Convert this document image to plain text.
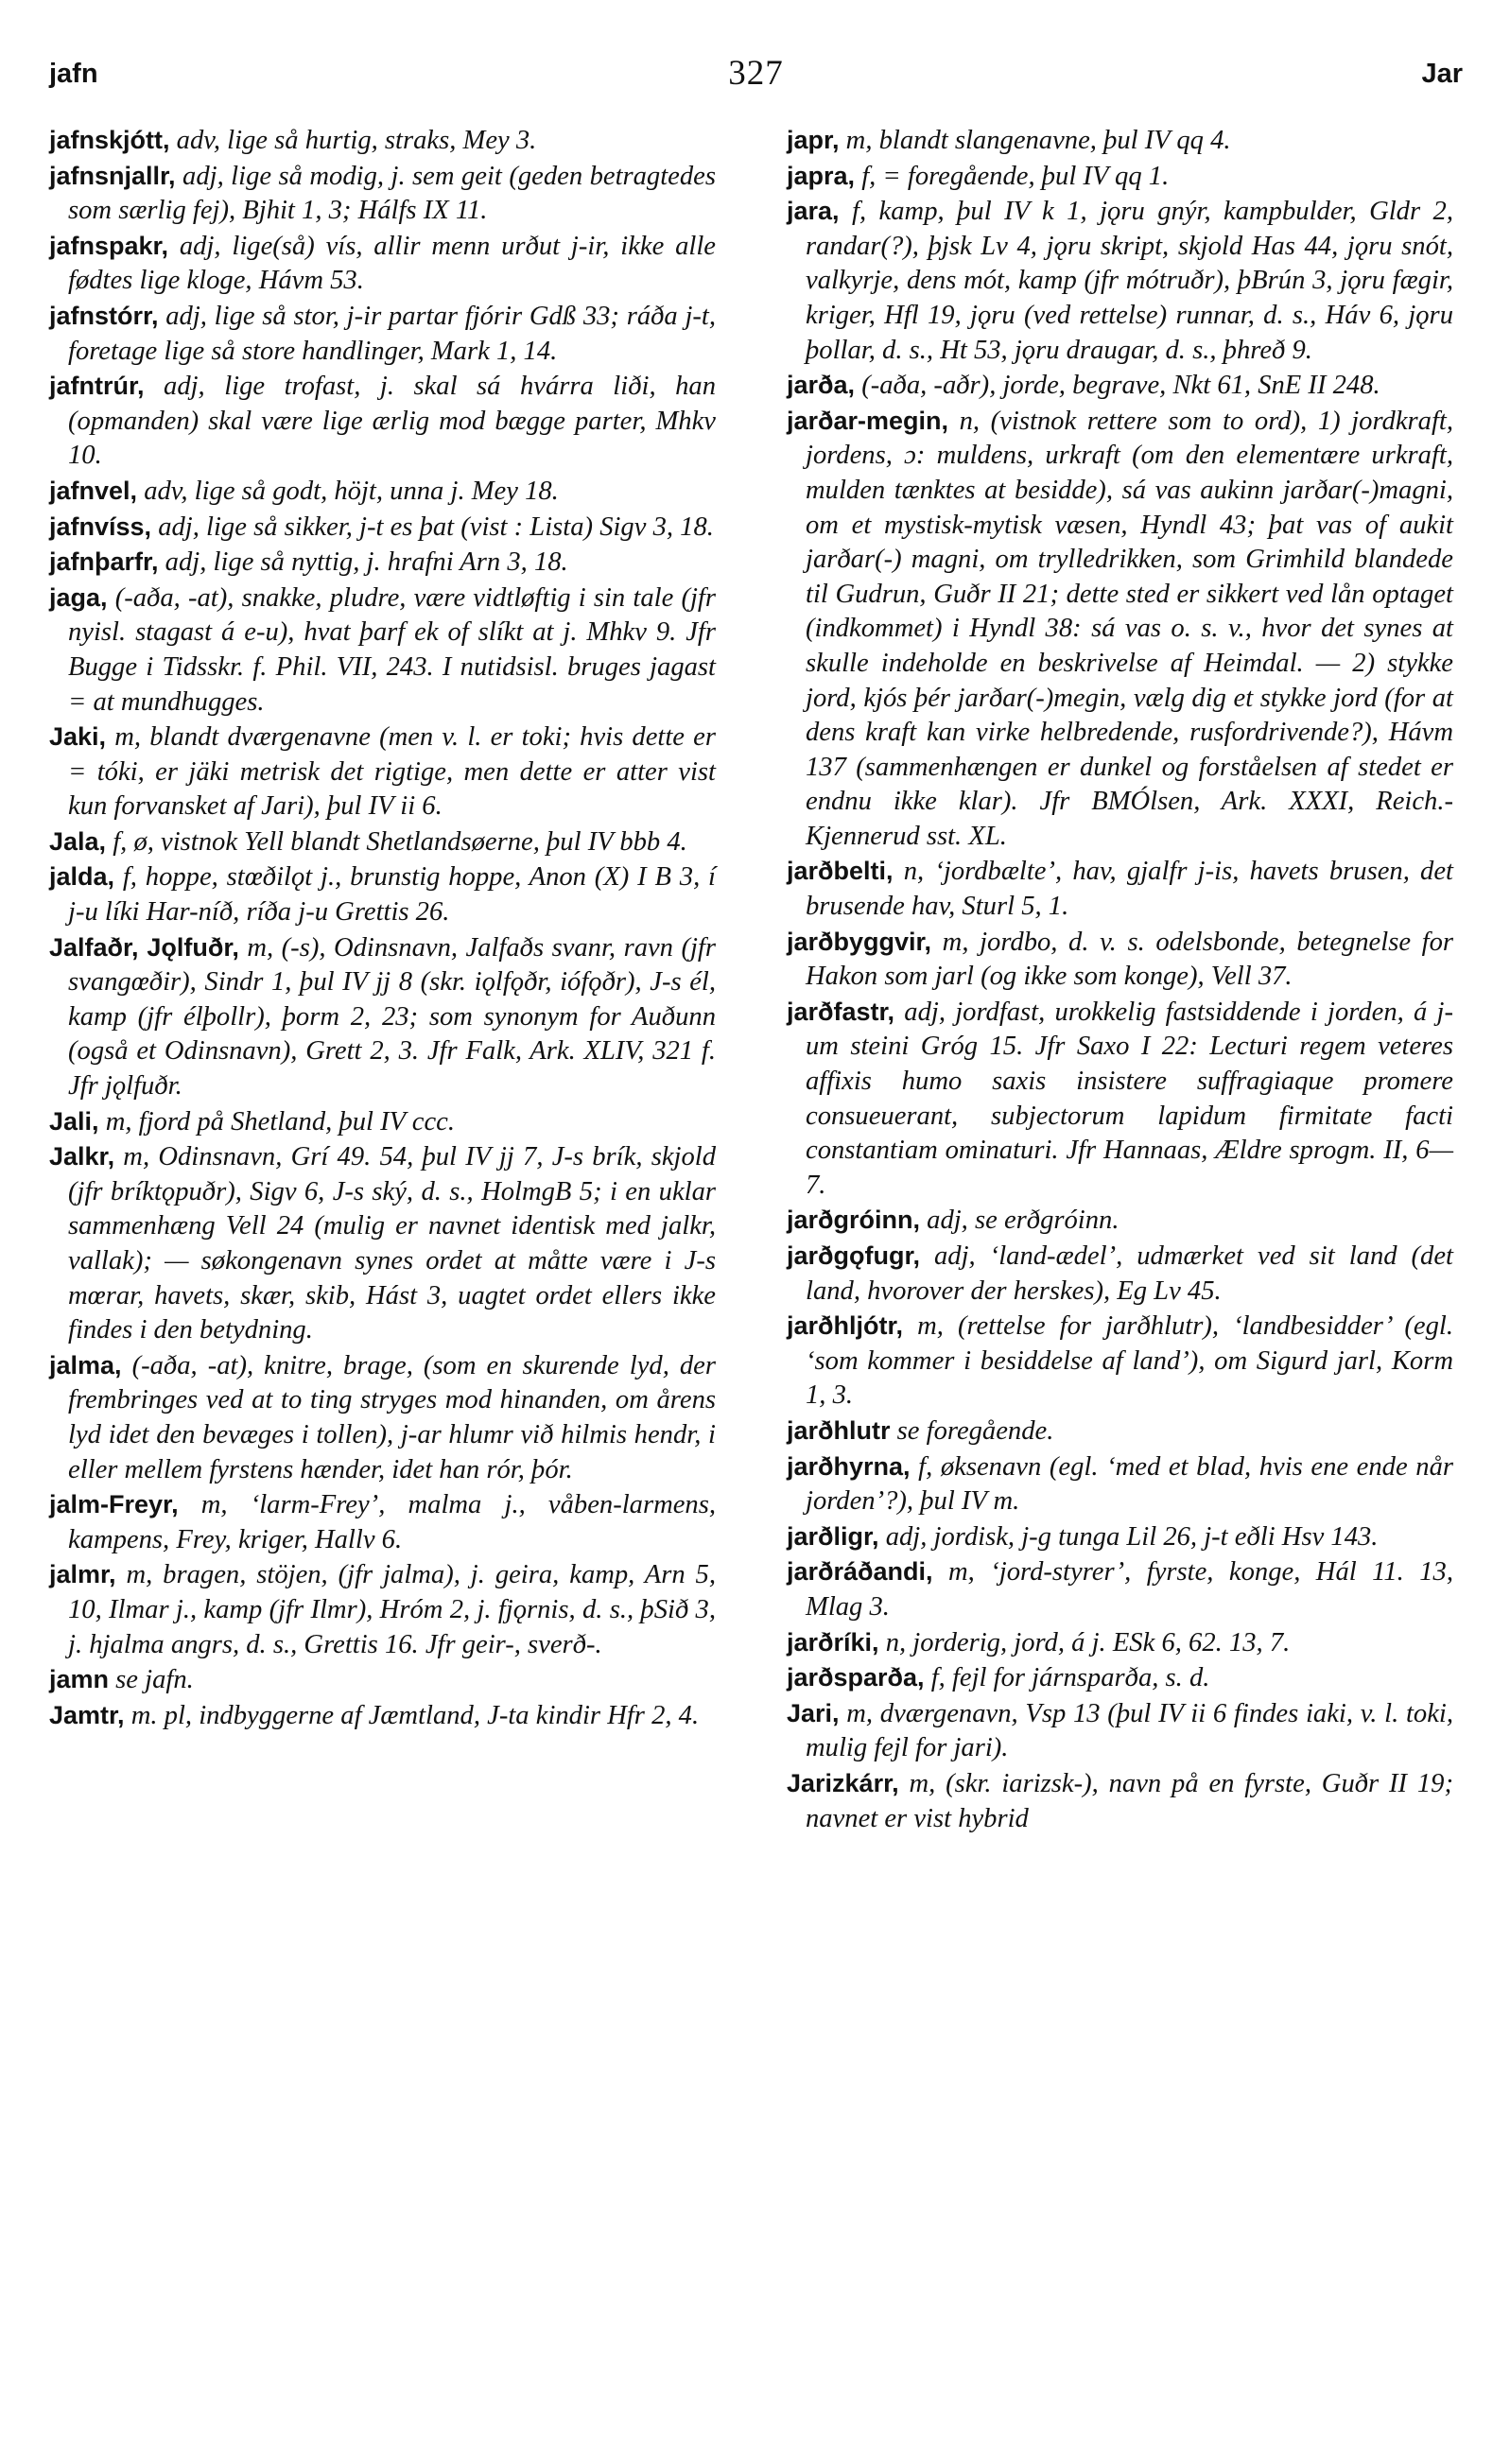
jafn	327	Jar

jafnskjótt, adv, lige så hurtig, straks, Mey 3.

jafnsnjallr, adj, lige så modig, j. sem geit (geden betragtedes som særlig fej), Bjhit 1, 3; Hálfs IX 11.

jafnspakr, adj, lige(så) vís, allir menn urðut j-ir, ikke alle fødtes lige kloge, Hávm 53.

jafnstórr, adj, lige så stor, j-ir partar fjórir Gdß 33; ráða j-t, foretage lige så store handlinger, Mark 1, 14.

jafntrúr, adj, lige trofast, j. skal sá hvárra liði, han (opmanden) skal være lige ærlig mod bægge parter, Mhkv 10.

jafnvel, adv, lige så godt, höjt, unna j. Mey 18.

jafnvíss, adj, lige så sikker, j-t es þat (vist : Lista) Sigv 3, 18.

jafnþarfr, adj, lige så nyttig, j. hrafni Arn 3, 18.

jaga, (-aða, -at), snakke, pludre, være vidtløftig i sin tale (jfr nyisl. stagast á e-u), hvat þarf ek of slíkt at j. Mhkv 9. Jfr Bugge i Tidsskr. f. Phil. VII, 243. I nutidsisl. bruges jagast = at mundhugges.

Jaki, m, blandt dværgenavne (men v. l. er toki; hvis dette er = tóki, er jäki metrisk det rigtige, men dette er atter vist kun forvansket af Jari), þul IV ii 6.

Jala, f, ø, vistnok Yell blandt Shetlandsøerne, þul IV bbb 4.

jalda, f, hoppe, stœðilǫt j., brunstig hoppe, Anon (X) I B 3, í j-u líki Har-níð, ríða j-u Grettis 26.

Jalfaðr, Jǫlfuðr, m, (-s), Odinsnavn, Jalfaðs svanr, ravn (jfr svangœðir), Sindr 1, þul IV jj 8 (skr. iǫlfǫðr, iófǫðr), J-s él, kamp (jfr élþollr), þorm 2, 23; som synonym for Auðunn (også et Odinsnavn), Grett 2, 3. Jfr Falk, Ark. XLIV, 321 f. Jfr jǫlfuðr.

Jali, m, fjord på Shetland, þul IV ccc.

Jalkr, m, Odinsnavn, Grí 49. 54, þul IV jj 7, J-s brík, skjold (jfr bríktǫpuðr), Sigv 6, J-s ský, d. s., HolmgB 5; i en uklar sammenhæng Vell 24 (mulig er navnet identisk med jalkr, vallak); — søkongenavn synes ordet at måtte være i J-s mœrar, havets, skær, skib, Hást 3, uagtet ordet ellers ikke findes i den betydning.

jalma, (-aða, -at), knitre, brage, (som en skurende lyd, der frembringes ved at to ting stryges mod hinanden, om årens lyd idet den bevæges i tollen), j-ar hlumr við hilmis hendr, i eller mellem fyrstens hænder, idet han rór, þór.

jalm-Freyr, m, ‘larm-Frey’, malma j., våben-larmens, kampens, Frey, kriger, Hallv 6.

jalmr, m, bragen, stöjen, (jfr jalma), j. geira, kamp, Arn 5, 10, Ilmar j., kamp (jfr Ilmr), Hróm 2, j. fjǫrnis, d. s., þSið 3, j. hjalma angrs, d. s., Grettis 16. Jfr geir-, sverð-.

jamn se jafn.

Jamtr, m. pl, indbyggerne af Jæmtland, J-ta kindir Hfr 2, 4.

japr, m, blandt slangenavne, þul IV qq 4.

japra, f, = foregående, þul IV qq 1.

jara, f, kamp, þul IV k 1, jǫru gnýr, kampbulder, Gldr 2, randar(?), þjsk Lv 4, jǫru skript, skjold Has 44, jǫru snót, valkyrje, dens mót, kamp (jfr mótruðr), þBrún 3, jǫru fægir, kriger, Hfl 19, jǫru (ved rettelse) runnar, d. s., Háv 6, jǫru þollar, d. s., Ht 53, jǫru draugar, d. s., þhreð 9.

jarða, (-aða, -aðr), jorde, begrave, Nkt 61, SnE II 248.

jarðar-megin, n, (vistnok rettere som to ord), 1) jordkraft, jordens, ɔ: muldens, urkraft (om den elementære urkraft, mulden tænktes at besidde), sá vas aukinn jarðar(-)magni, om et mystisk-mytisk væsen, Hyndl 43; þat vas of aukit jarðar(-) magni, om trylledrikken, som Grimhild blandede til Gudrun, Guðr II 21; dette sted er sikkert ved lån optaget (indkommet) i Hyndl 38: sá vas o. s. v., hvor det synes at skulle indeholde en beskrivelse af Heimdal. — 2) stykke jord, kjós þér jarðar(-)megin, vælg dig et stykke jord (for at dens kraft kan virke helbredende, rusfordrivende?), Hávm 137 (sammenhængen er dunkel og forståelsen af stedet er endnu ikke klar). Jfr BMÓlsen, Ark. XXXI, Reich.-Kjennerud sst. XL.

jarðbelti, n, ‘jordbælte’, hav, gjalfr j-is, havets brusen, det brusende hav, Sturl 5, 1.

jarðbyggvir, m, jordbo, d. v. s. odelsbonde, betegnelse for Hakon som jarl (og ikke som konge), Vell 37.

jarðfastr, adj, jordfast, urokkelig fastsiddende i jorden, á j-um steini Gróg 15. Jfr Saxo I 22: Lecturi regem veteres affixis humo saxis insistere suffragiaque promere consueuerant, subjectorum lapidum firmitate facti constantiam ominaturi. Jfr Hannaas, Ældre sprogm. II, 6—7.

jarðgróinn, adj, se erðgróinn.

jarðgǫfugr, adj, ‘land-ædel’, udmærket ved sit land (det land, hvorover der herskes), Eg Lv 45.

jarðhljótr, m, (rettelse for jarðhlutr), ‘landbesidder’ (egl. ‘som kommer i besiddelse af land’), om Sigurd jarl, Korm 1, 3.

jarðhlutr se foregående.

jarðhyrna, f, øksenavn (egl. ‘med et blad, hvis ene ende når jorden’?), þul IV m.

jarðligr, adj, jordisk, j-g tunga Lil 26, j-t eðli Hsv 143.

jarðráðandi, m, ‘jord-styrer’, fyrste, konge, Hál 11. 13, Mlag 3.

jarðríki, n, jorderig, jord, á j. ESk 6, 62. 13, 7.

jarðsparða, f, fejl for járnsparða, s. d.

Jari, m, dværgenavn, Vsp 13 (þul IV ii 6 findes iaki, v. l. toki, mulig fejl for jari).

Jarizkárr, m, (skr. iarizsk-), navn på en fyrste, Guðr II 19; navnet er vist hybrid
